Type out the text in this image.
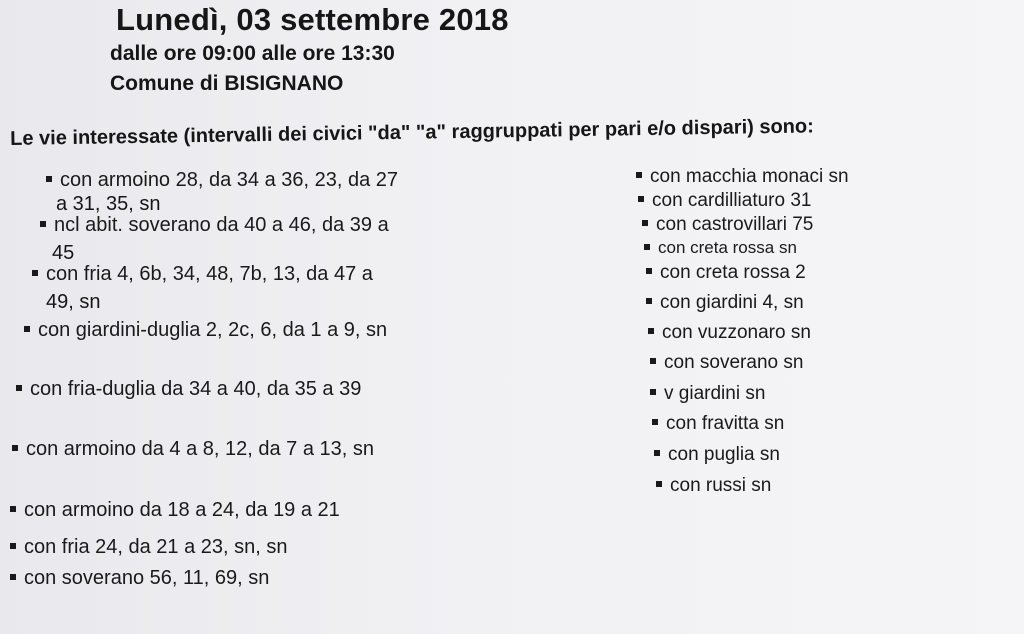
Lunedì, 03 settembre 2018
dalle ore 09:00 alle ore 13:30
Comune di BISIGNANO
Le vie interessate (intervalli dei civici "da" "a" raggruppati per pari e/o dispari) sono:
con armoino 28, da 34 a 36, 23, da 27
a 31, 35, sn
ncl abit. soverano da 40 a 46, da 39 a
45
con fria 4, 6b, 34, 48, 7b, 13, da 47 a
49, sn
con giardini-duglia 2, 2c, 6, da 1 a 9, sn
con fria-duglia da 34 a 40, da 35 a 39
con armoino da 4 a 8, 12, da 7 a 13, sn
con armoino da 18 a 24, da 19 a 21
con fria 24, da 21 a 23, sn, sn
con soverano 56, 11, 69, sn
con macchia monaci sn
con cardilliaturo 31
con castrovillari 75
con creta rossa sn
con creta rossa 2
con giardini 4, sn
con vuzzonaro sn
con soverano sn
v giardini sn
con fravitta sn
con puglia sn
con russi sn
